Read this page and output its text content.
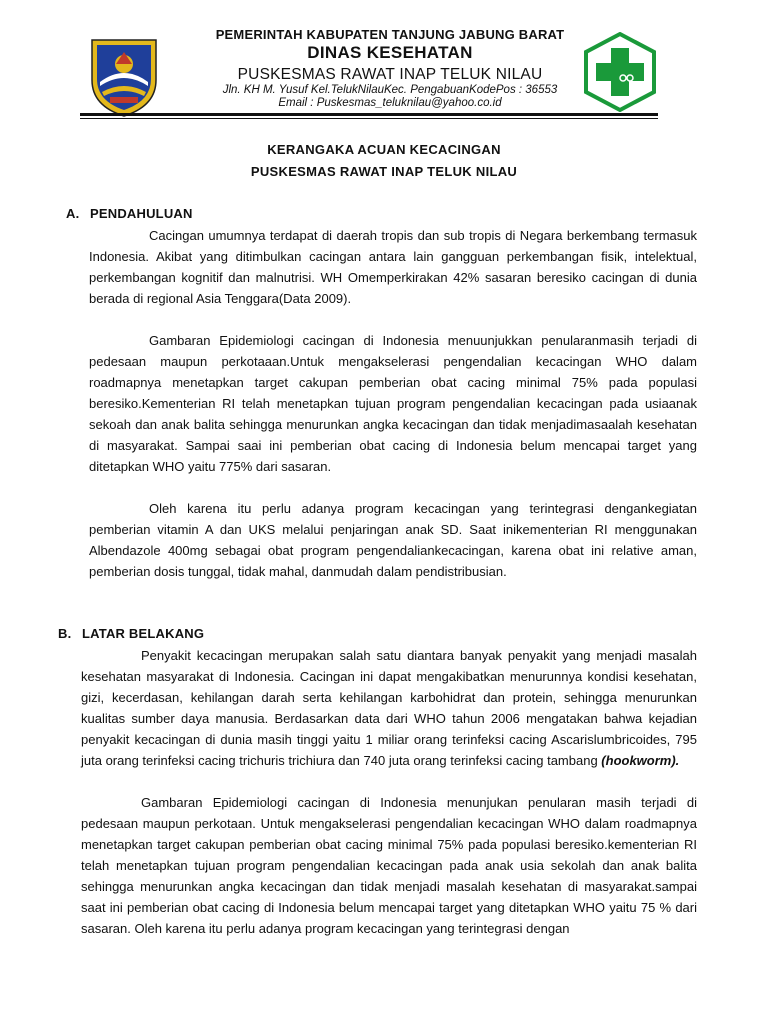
PEMERINTAH KABUPATEN TANJUNG JABUNG BARAT
DINAS KESEHATAN
PUSKESMAS RAWAT INAP TELUK NILAU
Jln. KH M. Yusuf Kel.TelukNilauKec. PengabuanKodePos : 36553
Email : Puskesmas_teluknilau@yahoo.co.id
KERANGAKA ACUAN KECACINGAN
PUSKESMAS RAWAT INAP TELUK NILAU
A. PENDAHULUAN

Cacingan umumnya terdapat di daerah tropis dan sub tropis di Negara berkembang termasuk Indonesia. Akibat yang ditimbulkan cacingan antara lain gangguan perkembangan fisik, intelektual, perkembangan kognitif dan malnutrisi. WH Omemperkirakan 42% sasaran beresiko cacingan di dunia berada di regional Asia Tenggara(Data 2009).

Gambaran Epidemiologi cacingan di Indonesia menuunjukkan penularanmasih terjadi di pedesaan maupun perkotaaan.Untuk mengakselerasi pengendalian kecacingan WHO dalam roadmapnya menetapkan target cakupan pemberian obat cacing minimal 75% pada populasi beresiko.Kementerian RI telah menetapkan tujuan program pengendalian kecacingan pada usiaanak sekoah dan anak balita sehingga menurunkan angka kecacingan dan tidak menjadimasaalah kesehatan di masyarakat. Sampai saai ini pemberian obat cacing di Indonesia belum mencapai target yang ditetapkan WHO yaitu 775% dari sasaran.

Oleh karena itu perlu adanya program kecacingan yang terintegrasi dengankegiatan pemberian vitamin A dan UKS melalui penjaringan anak SD. Saat inikementerian RI menggunakan Albendazole 400mg sebagai obat program pengendaliankecacingan, karena obat ini relative aman, pemberian dosis tunggal, tidak mahal, danmudah dalam pendistribusian.

B. LATAR BELAKANG

Penyakit kecacingan merupakan salah satu diantara banyak penyakit yang menjadi masalah kesehatan masyarakat di Indonesia. Cacingan ini dapat mengakibatkan menurunnya kondisi kesehatan, gizi, kecerdasan, kehilangan darah serta kehilangan karbohidrat dan protein, sehingga menurunkan kualitas sumber daya manusia. Berdasarkan data dari WHO tahun 2006 mengatakan bahwa kejadian penyakit kecacingan di dunia masih tinggi yaitu 1 miliar orang terinfeksi cacing Ascarislumbricoides, 795 juta orang terinfeksi cacing trichuris trichiura dan 740 juta orang terinfeksi cacing tambang (hookworm).

Gambaran Epidemiologi cacingan di Indonesia menunjukan penularan masih terjadi di pedesaan maupun perkotaan. Untuk mengakselerasi pengendalian kecacingan WHO dalam roadmapnya menetapkan target cakupan pemberian obat cacing minimal 75% pada populasi beresiko.kementerian RI telah menetapkan tujuan program pengendalian kecacingan pada anak usia sekolah dan anak balita sehingga menurunkan angka kecacingan dan tidak menjadi masalah kesehatan di masyarakat.sampai saat ini pemberian obat cacing di Indonesia belum mencapai target yang ditetapkan WHO yaitu 75 % dari sasaran. Oleh karena itu perlu adanya program kecacingan yang terintegrasi dengan
